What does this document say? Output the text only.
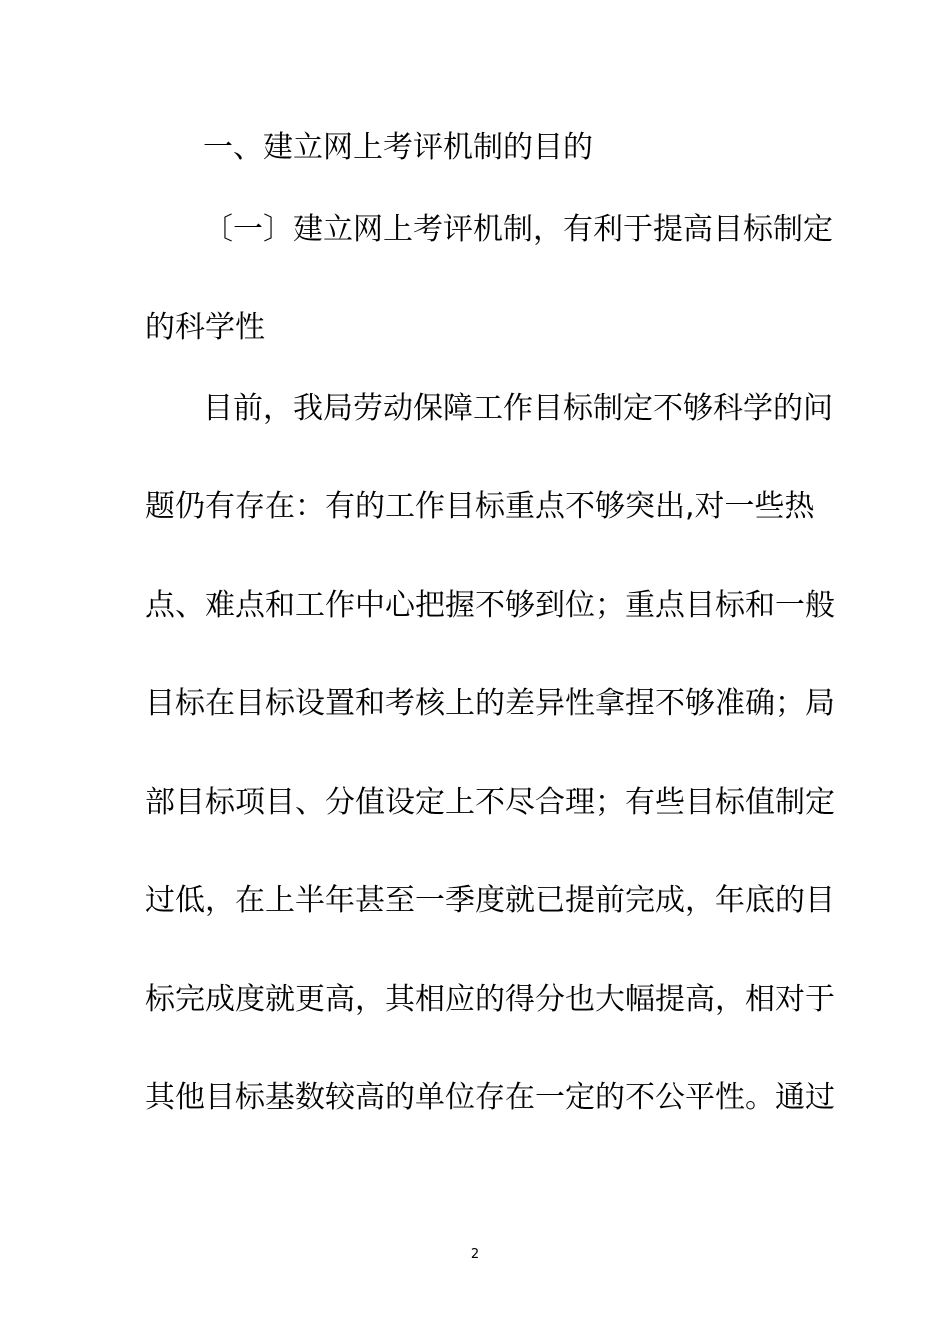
一、建立网上考评机制的目的
〔一〕建立网上考评机制，有利于提高目标制定
的科学性
目前，我局劳动保障工作目标制定不够科学的问
题仍有存在：有的工作目标重点不够突出,对一些热
点、难点和工作中心把握不够到位；重点目标和一般
目标在目标设置和考核上的差异性拿捏不够准确；局
部目标项目、分值设定上不尽合理；有些目标值制定
过低，在上半年甚至一季度就已提前完成，年底的目
标完成度就更高，其相应的得分也大幅提高，相对于
其他目标基数较高的单位存在一定的不公平性。通过
2
